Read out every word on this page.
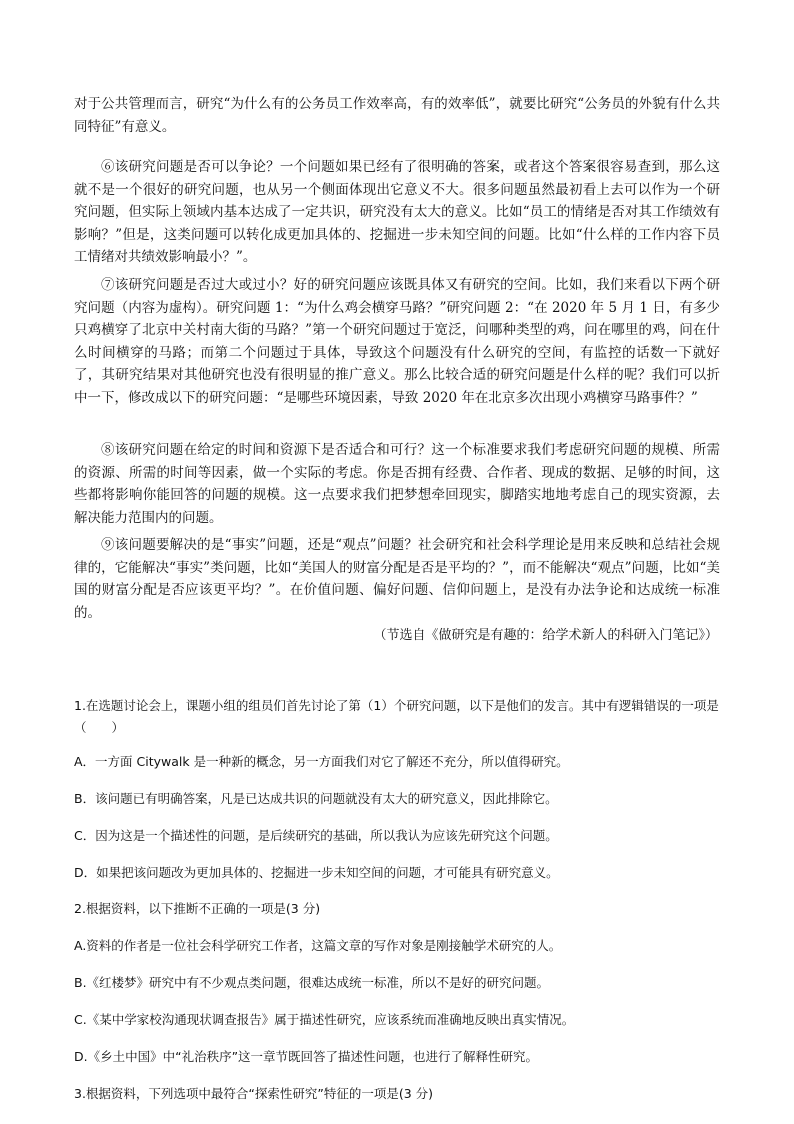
对于公共管理而言，研究“为什么有的公务员工作效率高，有的效率低”，就要比研究“公务员的外貌有什么共同特征”有意义。

⑥该研究问题是否可以争论？一个问题如果已经有了很明确的答案，或者这个答案很容易查到，那么这就不是一个很好的研究问题，也从另一个侧面体现出它意义不大。很多问题虽然最初看上去可以作为一个研究问题，但实际上领域内基本达成了一定共识，研究没有太大的意义。比如“员工的情绪是否对其工作绩效有影响？”但是，这类问题可以转化成更加具体的、挖掘进一步未知空间的问题。比如“什么样的工作内容下员工情绪对共绩效影响最小？”。

⑦该研究问题是否过大或过小？好的研究问题应该既具体又有研究的空间。比如，我们来看以下两个研究问题（内容为虚构）。研究问题 1：“为什么鸡会横穿马路？”研究问题 2：“在 2020 年 5 月 1 日，有多少只鸡横穿了北京中关村南大街的马路？”第一个研究问题过于宽泛，问哪种类型的鸡，问在哪里的鸡，问在什么时间横穿的马路；而第二个问题过于具体，导致这个问题没有什么研究的空间，有监控的话数一下就好了，其研究结果对其他研究也没有很明显的推广意义。那么比较合适的研究问题是什么样的呢？我们可以折中一下，修改成以下的研究问题：“是哪些环境因素，导致 2020 年在北京多次出现小鸡横穿马路事件？”

⑧该研究问题在给定的时间和资源下是否适合和可行？这一个标准要求我们考虑研究问题的规模、所需的资源、所需的时间等因素，做一个实际的考虑。你是否拥有经费、合作者、现成的数据、足够的时间，这些都将影响你能回答的问题的规模。这一点要求我们把梦想牵回现实，脚踏实地地考虑自己的现实资源，去解决能力范围内的问题。

⑨该问题要解决的是“事实”问题，还是“观点”问题？社会研究和社会科学理论是用来反映和总结社会规律的，它能解决“事实”类问题，比如“美国人的财富分配是否是平均的？”，而不能解决“观点”问题，比如“美国的财富分配是否应该更平均？”。在价值问题、偏好问题、信仰问题上，是没有办法争论和达成统一标准的。

（节选自《做研究是有趣的：给学术新人的科研入门笔记》）

1.在选题讨论会上，课题小组的组员们首先讨论了第（1）个研究问题，以下是他们的发言。其中有逻辑错误的一项是（　　）

A．一方面 Citywalk 是一种新的概念，另一方面我们对它了解还不充分，所以值得研究。

B．该问题已有明确答案，凡是已达成共识的问题就没有太大的研究意义，因此排除它。

C．因为这是一个描述性的问题，是后续研究的基础，所以我认为应该先研究这个问题。

D．如果把该问题改为更加具体的、挖掘进一步未知空间的问题，才可能具有研究意义。

2.根据资料，以下推断不正确的一项是(3 分)

A.资料的作者是一位社会科学研究工作者，这篇文章的写作对象是刚接触学术研究的人。

B.《红楼梦》研究中有不少观点类问题，很难达成统一标准，所以不是好的研究问题。

C.《某中学家校沟通现状调查报告》属于描述性研究，应该系统而准确地反映出真实情况。

D.《乡土中国》中“礼治秩序”这一章节既回答了描述性问题，也进行了解释性研究。

3.根据资料，下列选项中最符合“探索性研究”特征的一项是(3 分)
